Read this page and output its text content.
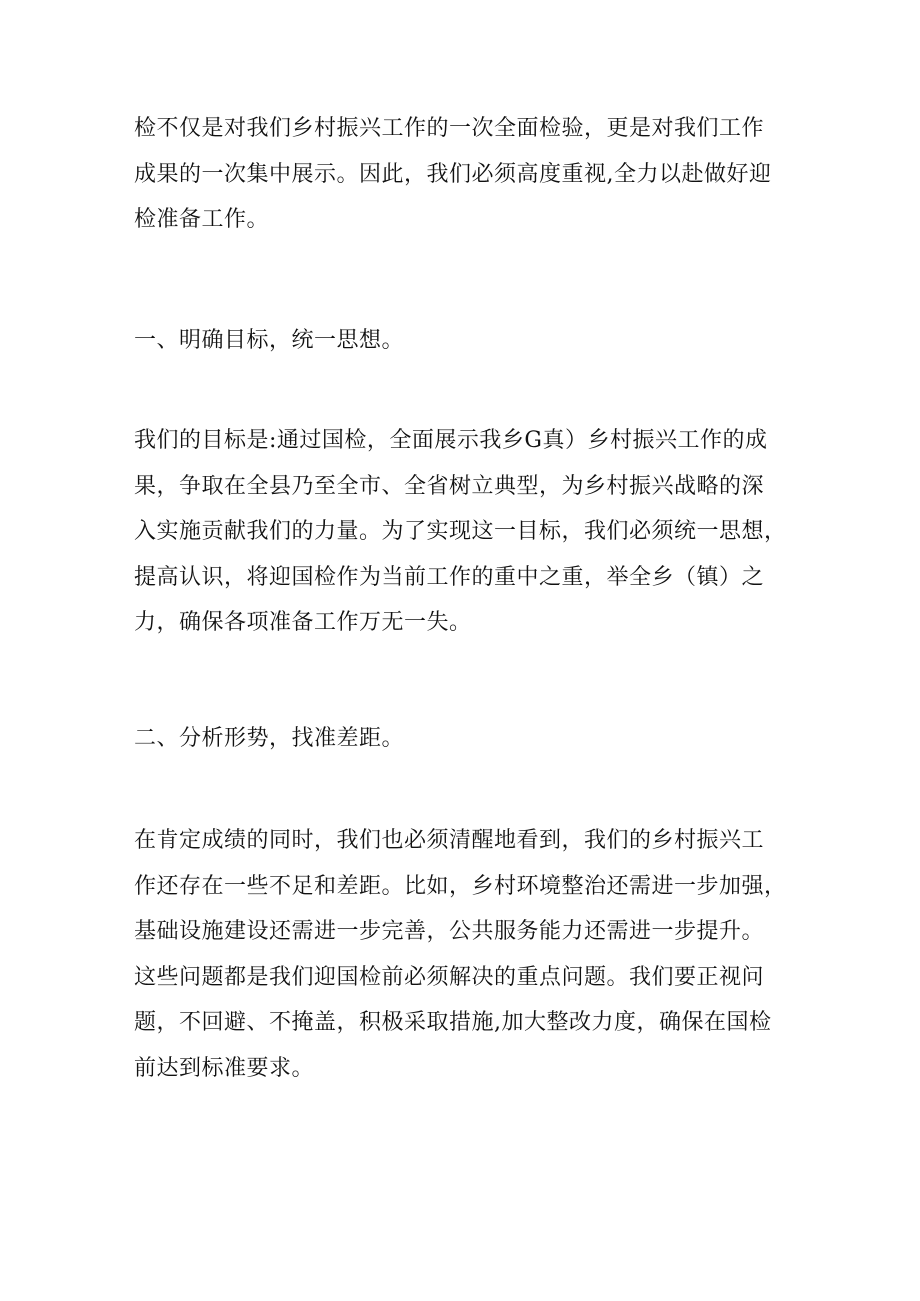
检不仅是对我们乡村振兴工作的一次全面检验，更是对我们工作
成果的一次集中展示。因此，我们必须高度重视,全力以赴做好迎
检准备工作。

一、明确目标，统一思想。

我们的目标是:通过国检，全面展示我乡G真）乡村振兴工作的成
果，争取在全县乃至全市、全省树立典型，为乡村振兴战略的深
入实施贡献我们的力量。为了实现这一目标，我们必须统一思想，
提高认识，将迎国检作为当前工作的重中之重，举全乡（镇）之
力，确保各项准备工作万无一失。

二、分析形势，找准差距。

在肯定成绩的同时，我们也必须清醒地看到，我们的乡村振兴工
作还存在一些不足和差距。比如，乡村环境整治还需进一步加强，
基础设施建设还需进一步完善，公共服务能力还需进一步提升。
这些问题都是我们迎国检前必须解决的重点问题。我们要正视问
题，不回避、不掩盖，积极采取措施,加大整改力度，确保在国检
前达到标准要求。
